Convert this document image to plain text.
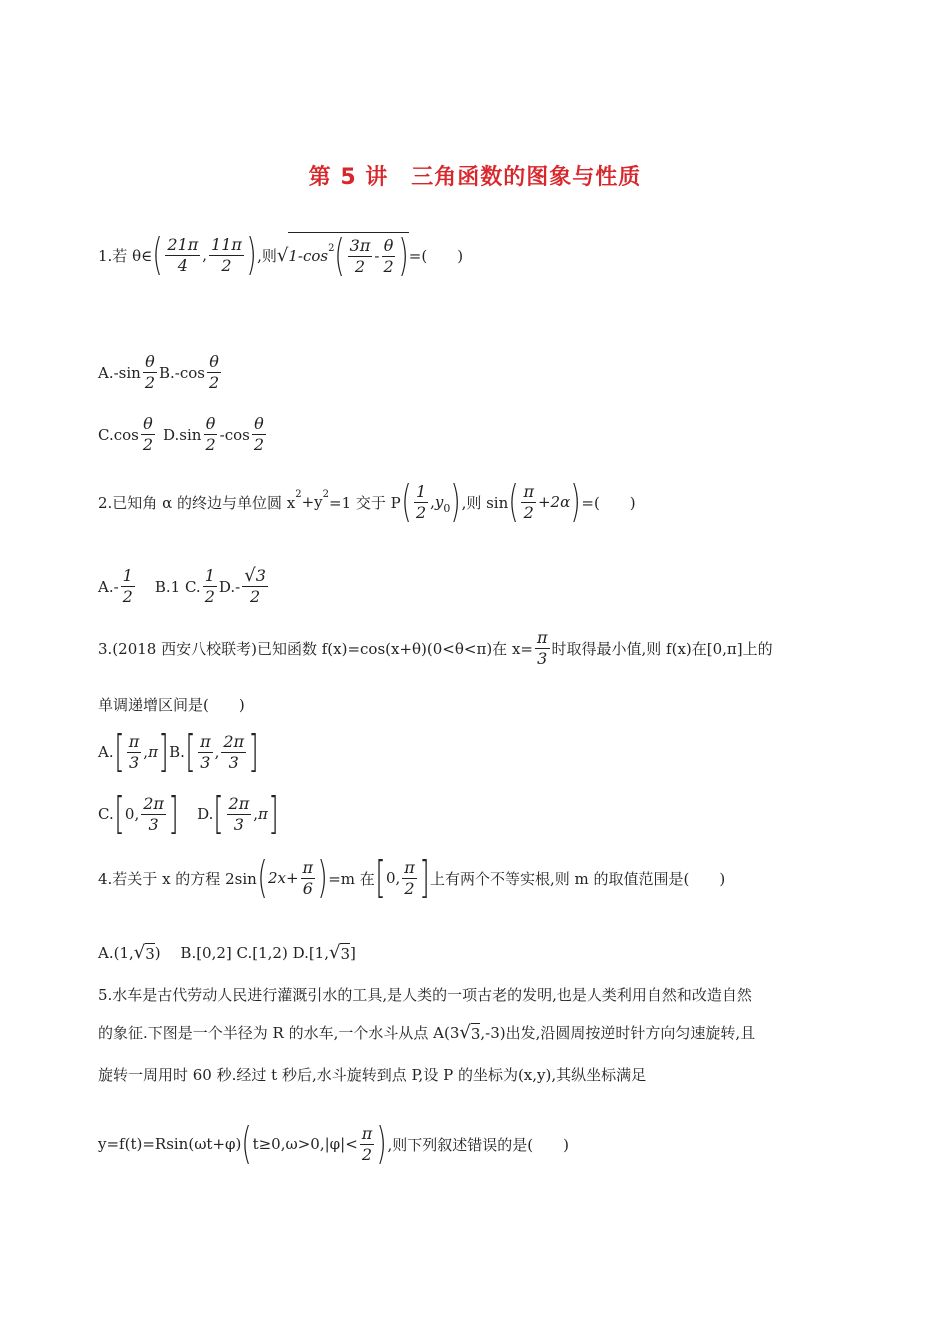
第 5 讲　三角函数的图象与性质
1.若 θ∈ ( $\frac{21\pi}{4}$ , $\frac{11\pi}{2}$ ) ,则 √ 1-cos 2 ( $\frac{3\pi}{2} - \frac{\theta}{2}$ ) =(　　)
$A.-\sin \frac{\theta}{2} B.-\cos \frac{\theta}{2}$
$C.\cos \frac{\theta}{2} D.\sin \frac{\theta}{2} -\cos \frac{\theta}{2}$
2.已知角 α 的终边与单位圆 x 2 +y 2 =1 交于 P ( $\frac{1}{2}$ , y 0 ) ,则 sin ( $\frac{\pi}{2} +2\alpha$ ) =(　　)
$A.- \frac{1}{2} B.1$ C. $\frac{1}{2} D.- \frac{√3}{2}$
3.(2018 西安八校联考)已知函数 f(x)=cos(x+θ)(0<θ<π)在 $x= \frac{\pi}{3}$ 时取得最小值,则 f(x)在[0,π]上的
单调递增区间是(　　)
A. [ $\frac{\pi}{3}$ , π ] B. [ $\frac{\pi}{3}$ , $\frac{2\pi}{3}$ ]
C. [ 0 , $\frac{2\pi}{3}$ ] D. [ $\frac{2\pi}{3}$ , π ]
4.若关于 x 的方程 2sin ( $2x+ \frac{\pi}{6}$ ) =m 在 [ 0, $\frac{\pi}{2}$ ] 上有两个不等实根,则 m 的取值范围是(　　)
A.(1, √ 3 )　 B.[0,2] C.[1,2) D.[1, √ 3 ]
5.水车是古代劳动人民进行灌溉引水的工具,是人类的一项古老的发明,也是人类利用自然和改造自然
的象征.下图是一个半径为 R 的水车,一个水斗从点 A(3 √ 3 ,-3)出发,沿圆周按逆时针方向匀速旋转,且
旋转一周用时 60 秒.经过 t 秒后,水斗旋转到点 P,设 P 的坐标为(x,y),其纵坐标满足
y=f(t)=Rsin(ωt+φ) ( $t\ge 0,\omega>0,|\varphi|< \frac{\pi}{2}$ ) ,则下列叙述错误的是(　　)
